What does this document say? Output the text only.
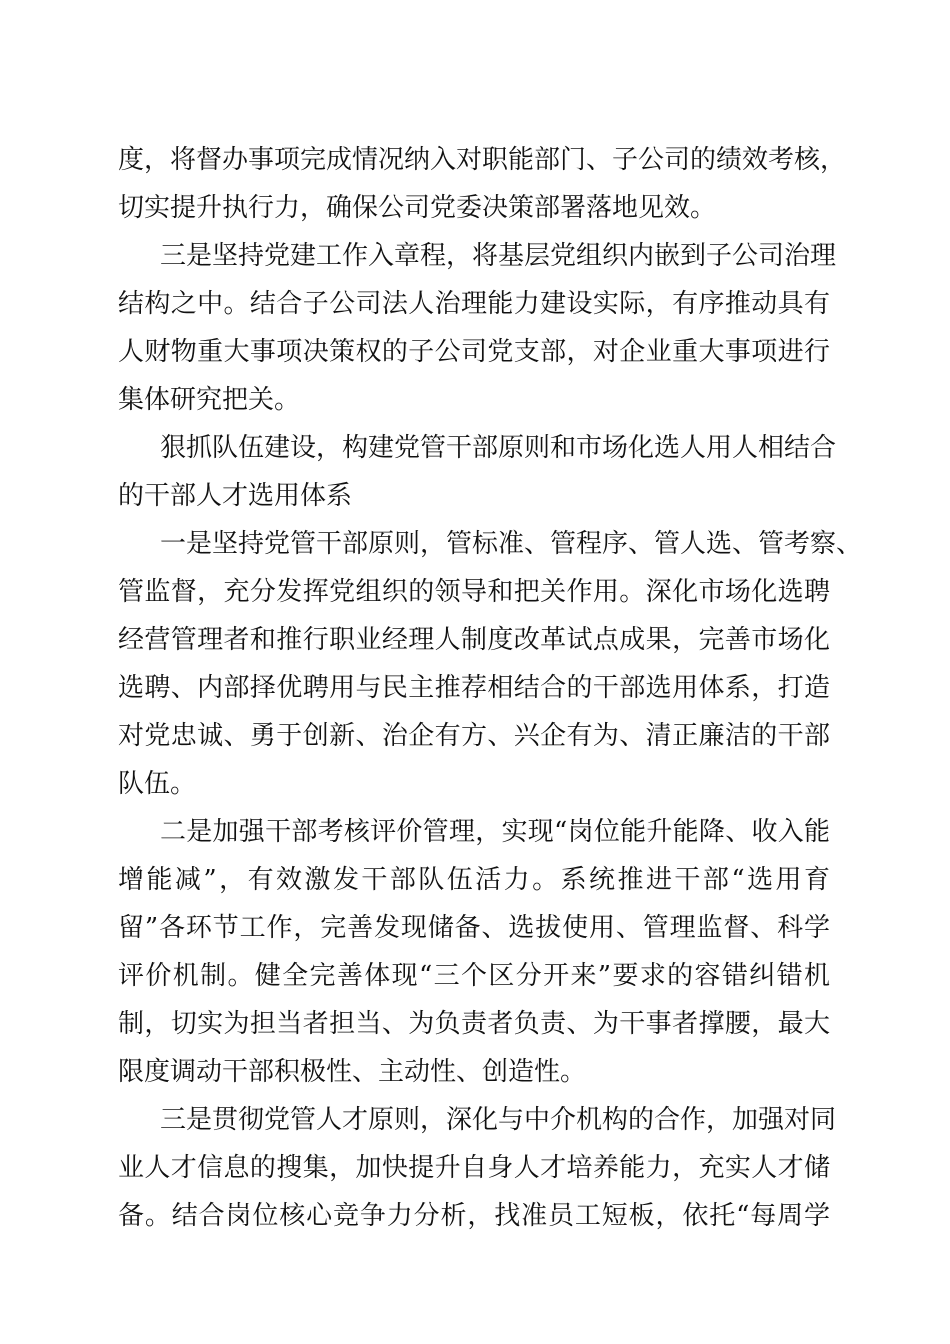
度，将督办事项完成情况纳入对职能部门、子公司的绩效考核，
切实提升执行力，确保公司党委决策部署落地见效。
三是坚持党建工作入章程，将基层党组织内嵌到子公司治理
结构之中。结合子公司法人治理能力建设实际，有序推动具有
人财物重大事项决策权的子公司党支部，对企业重大事项进行
集体研究把关。
狠抓队伍建设，构建党管干部原则和市场化选人用人相结合
的干部人才选用体系
一是坚持党管干部原则，管标准、管程序、管人选、管考察、
管监督，充分发挥党组织的领导和把关作用。深化市场化选聘
经营管理者和推行职业经理人制度改革试点成果，完善市场化
选聘、内部择优聘用与民主推荐相结合的干部选用体系，打造
对党忠诚、勇于创新、治企有方、兴企有为、清正廉洁的干部
队伍。
二是加强干部考核评价管理，实现“岗位能升能降、收入能
增能减”，有效激发干部队伍活力。系统推进干部“选用育
留”各环节工作，完善发现储备、选拔使用、管理监督、科学
评价机制。健全完善体现“三个区分开来”要求的容错纠错机
制，切实为担当者担当、为负责者负责、为干事者撑腰，最大
限度调动干部积极性、主动性、创造性。
三是贯彻党管人才原则，深化与中介机构的合作，加强对同
业人才信息的搜集，加快提升自身人才培养能力，充实人才储
备。结合岗位核心竞争力分析，找准员工短板，依托“每周学
